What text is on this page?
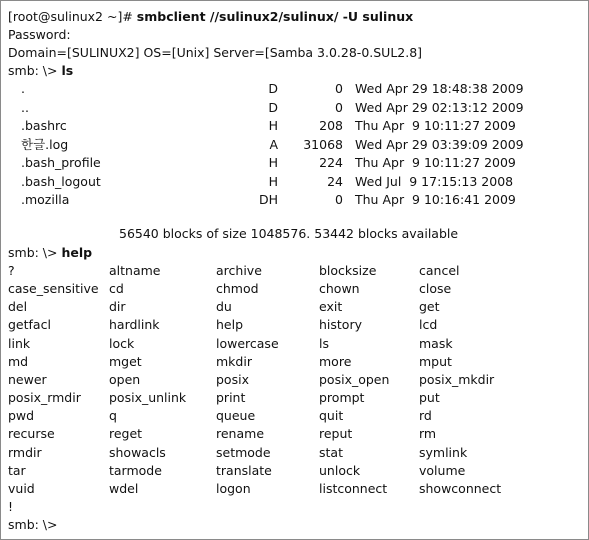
[root@sulinux2 ~]# smbclient //sulinux2/sulinux/ -U sulinux
Password:
Domain=[SULINUX2] OS=[Unix] Server=[Samba 3.0.28-0.SUL2.8]
smb: \> ls
.	D	0 Wed Apr 29 18:48:38 2009
..	D	0 Wed Apr 29 02:13:12 2009
.bashrc	H	208 Thu Apr  9 10:11:27 2009
한글.log	A 31068 Wed Apr 29 03:39:09 2009
.bash_profile	H	224 Thu Apr  9 10:11:27 2009
.bash_logout	H	24 Wed Jul  9 17:15:13 2008
.mozilla	DH	0 Thu Apr  9 10:16:41 2009
56540 blocks of size 1048576. 53442 blocks available
smb: \> help
?	altname	archive	blocksize	cancel
case_sensitive cd	chmod	chown	close
del	dir	du	exit	get
getfacl	hardlink	help	history	lcd
link	lock	lowercase	ls	mask
md	mget	mkdir	more	mput
newer	open	posix	posix_open posix_mkdir
posix_rmdir posix_unlink print	prompt	put
pwd	q	queue	quit	rd
recurse	reget	rename	reput	rm
rmdir	showacls	setmode	stat	symlink
tar	tarmode	translate	unlock	volume
vuid	wdel	logon	listconnect	showconnect
!
smb: \>
